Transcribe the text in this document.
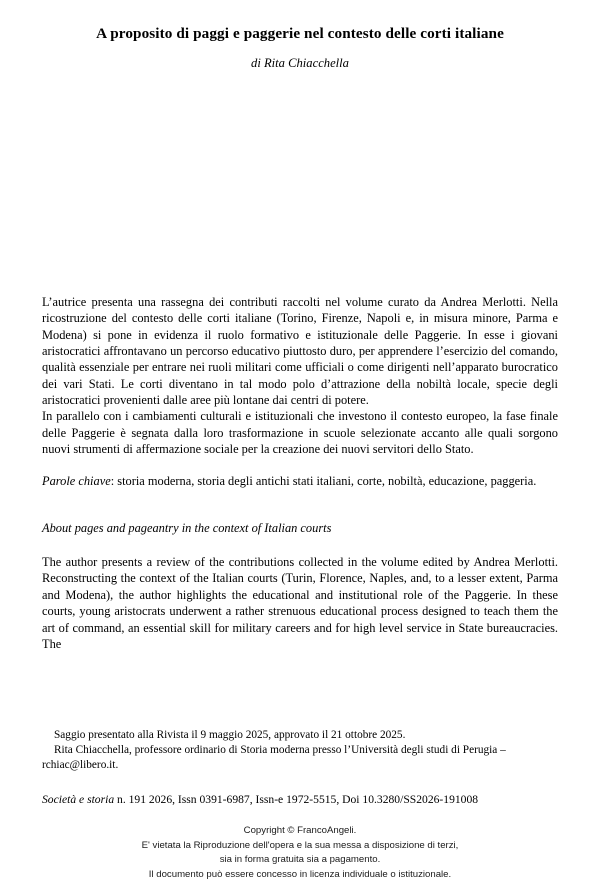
A proposito di paggi e paggerie nel contesto delle corti italiane
di Rita Chiacchella

L’autrice presenta una rassegna dei contributi raccolti nel volume curato da Andrea Merlotti. Nella ricostruzione del contesto delle corti italiane (Torino, Firenze, Napoli e, in misura minore, Parma e Modena) si pone in evidenza il ruolo formativo e istituzionale delle Paggerie. In esse i giovani aristocratici affrontavano un percorso educativo piuttosto duro, per apprendere l’esercizio del comando, qualità essenziale per entrare nei ruoli militari come ufficiali o come dirigenti nell’apparato burocratico dei vari Stati. Le corti diventano in tal modo polo d’attrazione della nobiltà locale, specie degli aristocratici provenienti dalle aree più lontane dai centri di potere.

In parallelo con i cambiamenti culturali e istituzionali che investono il contesto europeo, la fase finale delle Paggerie è segnata dalla loro trasformazione in scuole selezionate accanto alle quali sorgono nuovi strumenti di affermazione sociale per la creazione dei nuovi servitori dello Stato.

Parole chiave: storia moderna, storia degli antichi stati italiani, corte, nobiltà, educazione, paggeria.

About pages and pageantry in the context of Italian courts

The author presents a review of the contributions collected in the volume edited by Andrea Merlotti. Reconstructing the context of the Italian courts (Turin, Florence, Naples, and, to a lesser extent, Parma and Modena), the author highlights the educational and institutional role of the Paggerie. In these courts, young aristocrats underwent a rather strenuous educational process designed to teach them the art of command, an essential skill for military careers and for high level service in State bureaucracies. The

Saggio presentato alla Rivista il 9 maggio 2025, approvato il 21 ottobre 2025.

Rita Chiacchella, professore ordinario di Storia moderna presso l’Università degli studi di Perugia – rchiac@libero.it.

Società e storia n. 191 2026, Issn 0391-6987, Issn-e 1972-5515, Doi 10.3280/SS2026-191008
Copyright © FrancoAngeli.
E' vietata la Riproduzione dell'opera e la sua messa a disposizione di terzi,
sia in forma gratuita sia a pagamento.
Il documento può essere concesso in licenza individuale o istituzionale.
